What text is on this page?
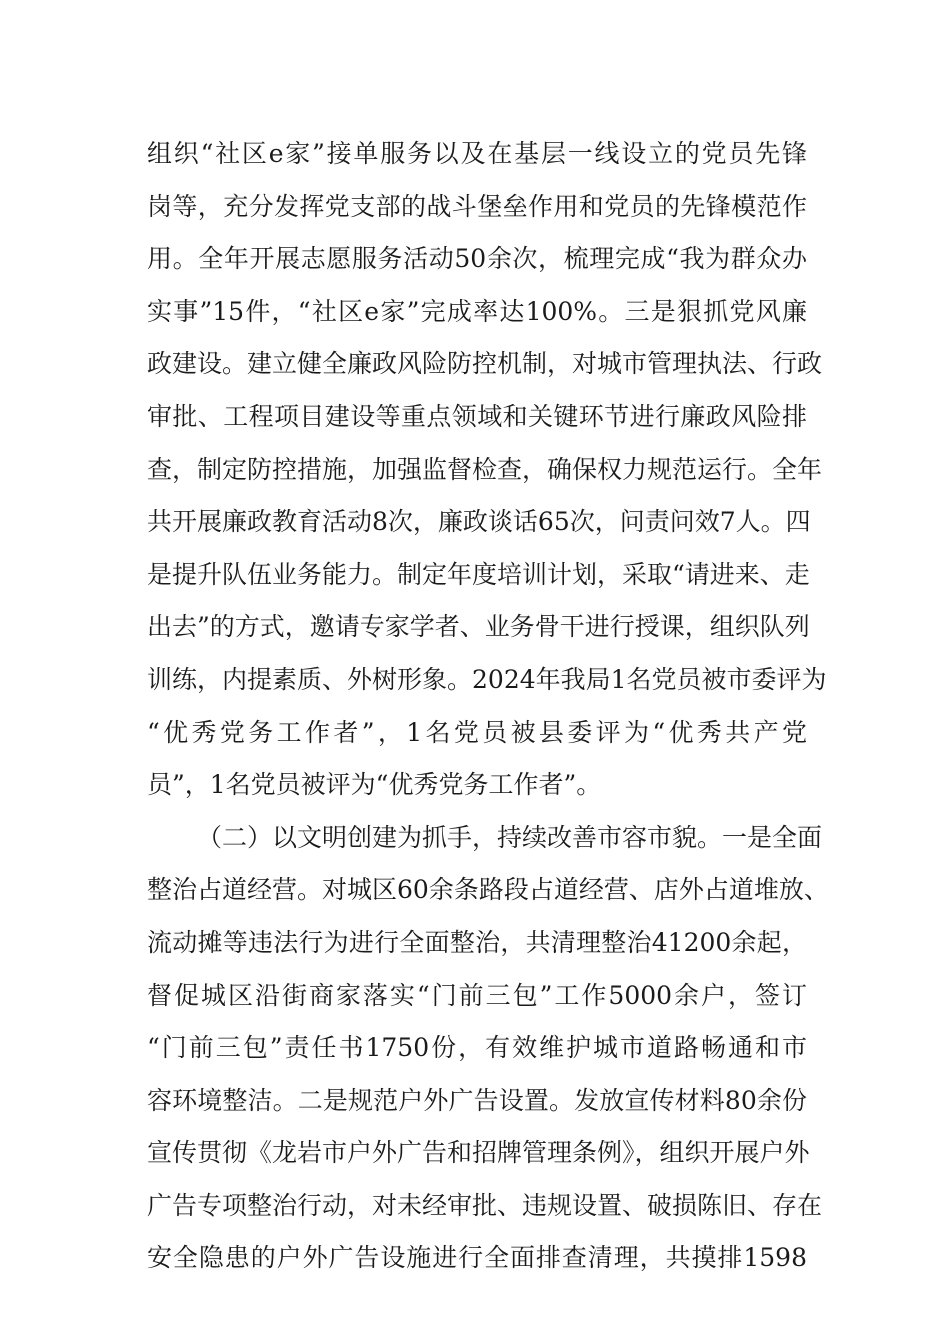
组织“社区e家”接单服务以及在基层一线设立的党员先锋
岗等，充分发挥党支部的战斗堡垒作用和党员的先锋模范作
用。全年开展志愿服务活动50余次，梳理完成“我为群众办
实事”15件，“社区e家”完成率达100%。三是狠抓党风廉
政建设。建立健全廉政风险防控机制，对城市管理执法、行政
审批、工程项目建设等重点领域和关键环节进行廉政风险排
查，制定防控措施，加强监督检查，确保权力规范运行。全年
共开展廉政教育活动8次，廉政谈话65次，问责问效7人。四
是提升队伍业务能力。制定年度培训计划，采取“请进来、走
出去”的方式，邀请专家学者、业务骨干进行授课，组织队列
训练，内提素质、外树形象。2024年我局1名党员被市委评为
“优秀党务工作者”，1名党员被县委评为“优秀共产党
员”，1名党员被评为“优秀党务工作者”。
（二）以文明创建为抓手，持续改善市容市貌。一是全面
整治占道经营。对城区60余条路段占道经营、店外占道堆放、
流动摊等违法行为进行全面整治，共清理整治41200余起，
督促城区沿街商家落实“门前三包”工作5000余户，签订
“门前三包”责任书1750份，有效维护城市道路畅通和市
容环境整洁。二是规范户外广告设置。发放宣传材料80余份
宣传贯彻《龙岩市户外广告和招牌管理条例》，组织开展户外
广告专项整治行动，对未经审批、违规设置、破损陈旧、存在
安全隐患的户外广告设施进行全面排查清理，共摸排1598
